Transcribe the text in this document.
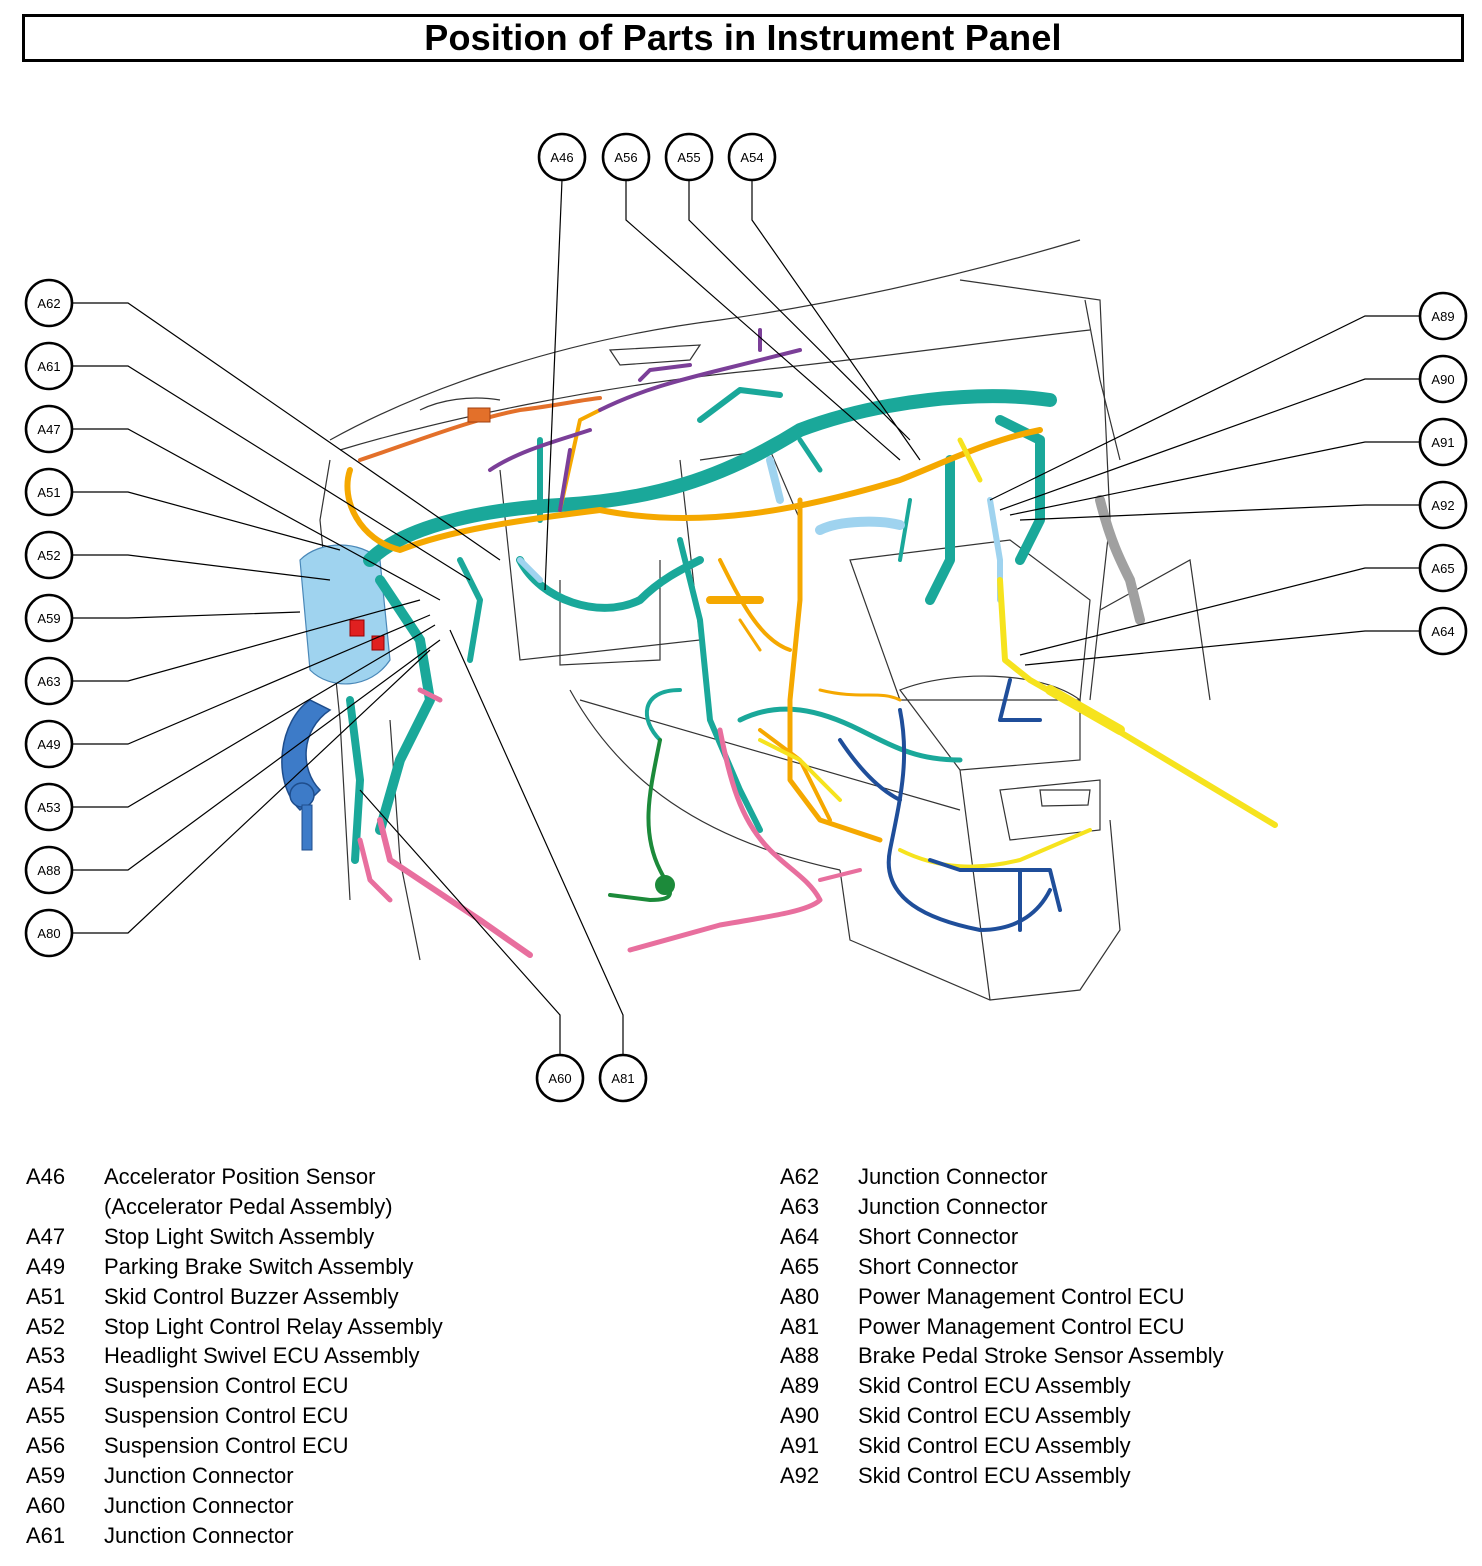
Position of Parts in Instrument Panel
A46	A56	A55	A54
A62
A61
A47
A51
A52
A59
A63
A49
A53
A88
A80
A89
A90
A91
A92
A65
A64
A60	A81
A46	Accelerator Position Sensor
(Accelerator Pedal Assembly)
A47	Stop Light Switch Assembly
A49	Parking Brake Switch Assembly
A51	Skid Control Buzzer Assembly
A52	Stop Light Control Relay Assembly
A53	Headlight Swivel ECU Assembly
A54	Suspension Control ECU
A55	Suspension Control ECU
A56	Suspension Control ECU
A59	Junction Connector
A60	Junction Connector
A61	Junction Connector
A62	Junction Connector
A63	Junction Connector
A64	Short Connector
A65	Short Connector
A80	Power Management Control ECU
A81	Power Management Control ECU
A88	Brake Pedal Stroke Sensor Assembly
A89	Skid Control ECU Assembly
A90	Skid Control ECU Assembly
A91	Skid Control ECU Assembly
A92	Skid Control ECU Assembly
